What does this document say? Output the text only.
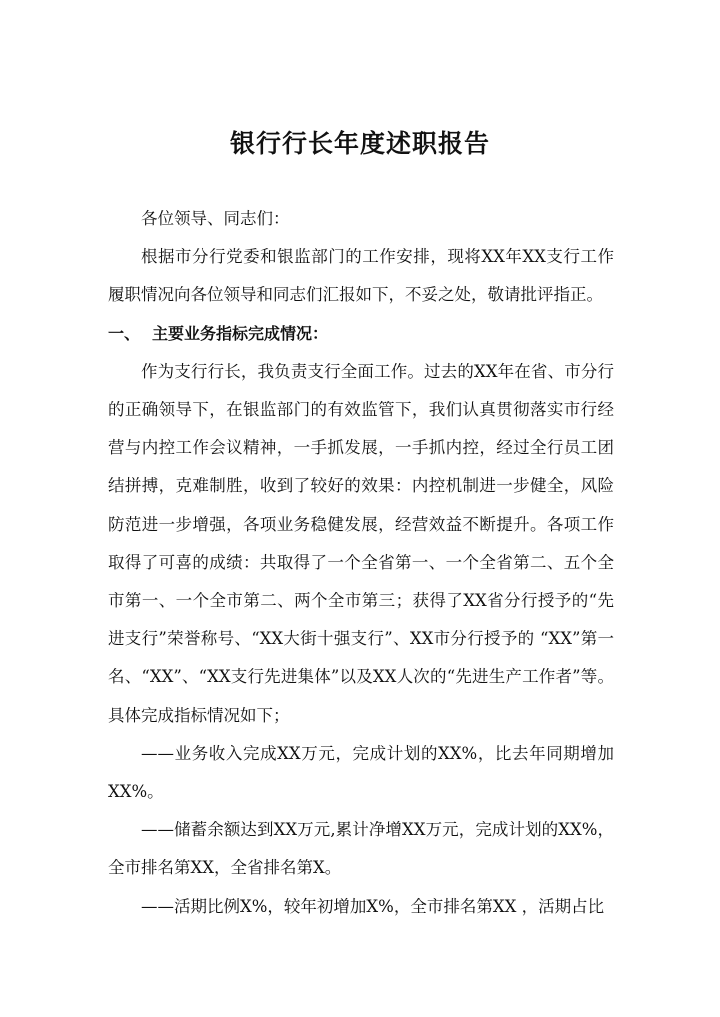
银行行长年度述职报告

各位领导、同志们：

根据市分行党委和银监部门的工作安排，现将XX年XX支行工作履职情况向各位领导和同志们汇报如下，不妥之处，敬请批评指正。

一、 主要业务指标完成情况：

作为支行行长，我负责支行全面工作。过去的XX年在省、市分行的正确领导下，在银监部门的有效监管下，我们认真贯彻落实市行经营与内控工作会议精神，一手抓发展，一手抓内控，经过全行员工团结拼搏，克难制胜，收到了较好的效果：内控机制进一步健全，风险防范进一步增强，各项业务稳健发展，经营效益不断提升。各项工作取得了可喜的成绩：共取得了一个全省第一、一个全省第二、五个全市第一、一个全市第二、两个全市第三；获得了XX省分行授予的“先进支行”荣誉称号、“XX大街十强支行”、XX市分行授予的 “XX”第一名、“XX”、“XX支行先进集体”以及XX人次的“先进生产工作者”等。具体完成指标情况如下；

——业务收入完成XX万元，完成计划的XX%，比去年同期增加XX%。

——储蓄余额达到XX万元,累计净增XX万元，完成计划的XX%，全市排名第XX，全省排名第X。

——活期比例X%，较年初增加X%，全市排名第XX ，活期占比
